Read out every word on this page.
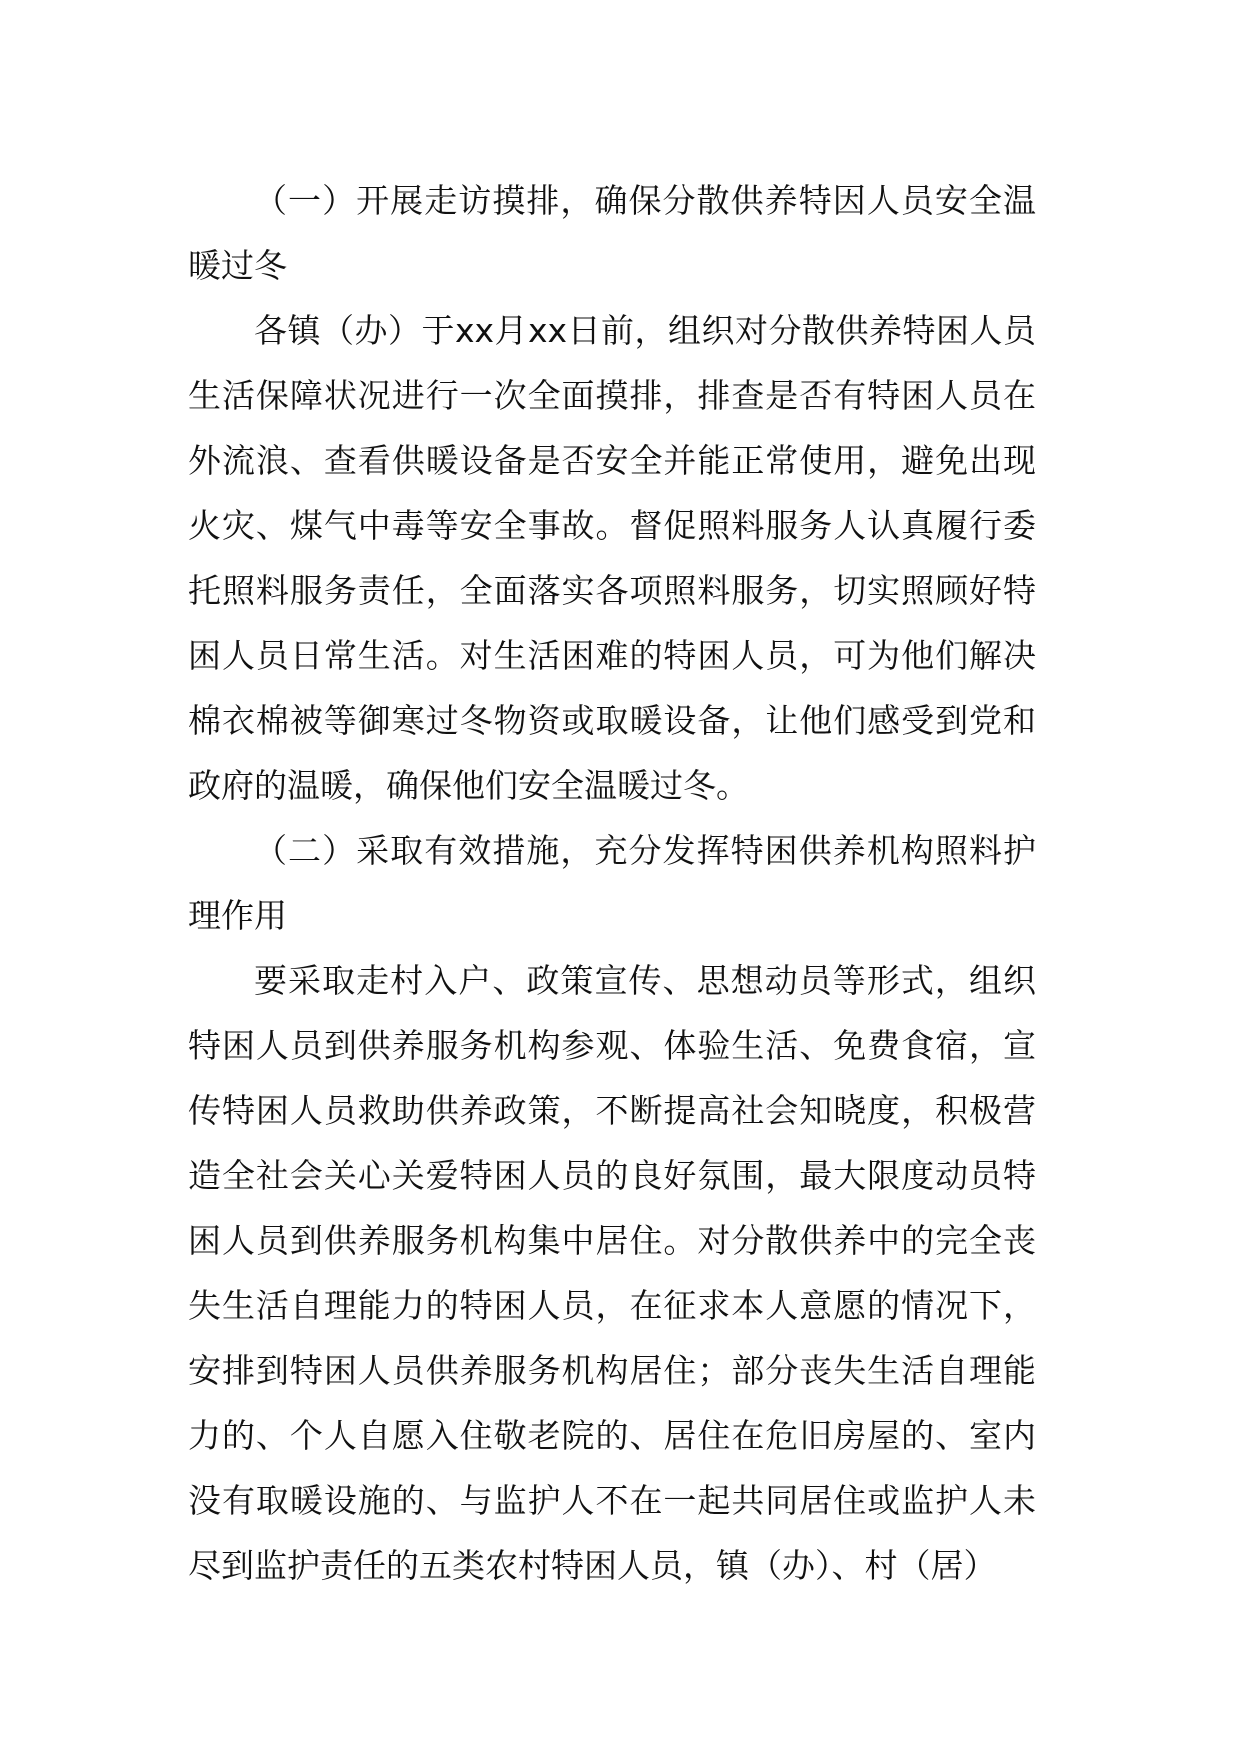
（一）开展走访摸排，确保分散供养特因人员安全温暖过冬

各镇（办）于xx月xx日前，组织对分散供养特困人员生活保障状况进行一次全面摸排，排查是否有特困人员在外流浪、查看供暖设备是否安全并能正常使用，避免出现火灾、煤气中毒等安全事故。督促照料服务人认真履行委托照料服务责任，全面落实各项照料服务，切实照顾好特困人员日常生活。对生活困难的特困人员，可为他们解决棉衣棉被等御寒过冬物资或取暖设备，让他们感受到党和政府的温暖，确保他们安全温暖过冬。

（二）采取有效措施，充分发挥特困供养机构照料护理作用

要采取走村入户、政策宣传、思想动员等形式，组织特困人员到供养服务机构参观、体验生活、免费食宿，宣传特困人员救助供养政策，不断提高社会知晓度，积极营造全社会关心关爱特困人员的良好氛围，最大限度动员特困人员到供养服务机构集中居住。对分散供养中的完全丧失生活自理能力的特困人员，在征求本人意愿的情况下，安排到特困人员供养服务机构居住；部分丧失生活自理能力的、个人自愿入住敬老院的、居住在危旧房屋的、室内没有取暖设施的、与监护人不在一起共同居住或监护人未尽到监护责任的五类农村特困人员，镇（办）、村（居）
